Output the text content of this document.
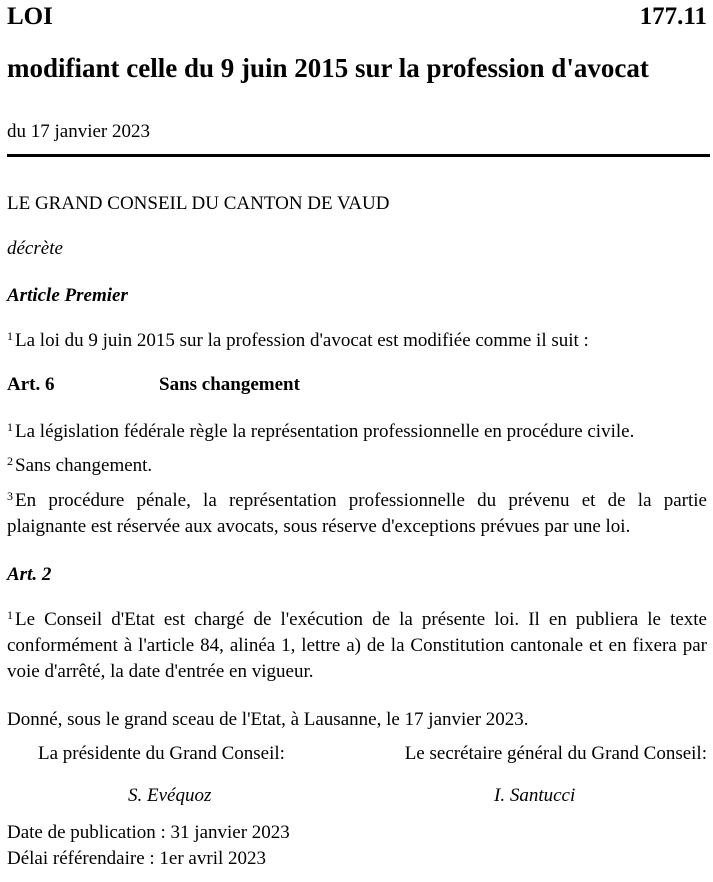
LOI	177.11
modifiant celle du 9 juin 2015 sur la profession d'avocat
du 17 janvier 2023
LE GRAND CONSEIL DU CANTON DE VAUD
décrète
Article Premier
$^1$ La loi du 9 juin 2015 sur la profession d'avocat est modifiée comme il suit :
Art. 6	Sans changement
$^1$ La législation fédérale règle la représentation professionnelle en procédure civile.
$^2$ Sans changement.
$^3$ En procédure pénale, la représentation professionnelle du prévenu et de la partie plaignante est réservée aux avocats, sous réserve d'exceptions prévues par une loi.
Art. 2
$^1$ Le Conseil d'Etat est chargé de l'exécution de la présente loi. Il en publiera le texte conformément à l'article 84, alinéa 1, lettre a) de la Constitution cantonale et en fixera par voie d'arrêté, la date d'entrée en vigueur.
Donné, sous le grand sceau de l'Etat, à Lausanne, le 17 janvier 2023.
La présidente du Grand Conseil:	Le secrétaire général du Grand Conseil:
S. Evéquoz	I. Santucci
Date de publication : 31 janvier 2023
Délai référendaire : 1er avril 2023
